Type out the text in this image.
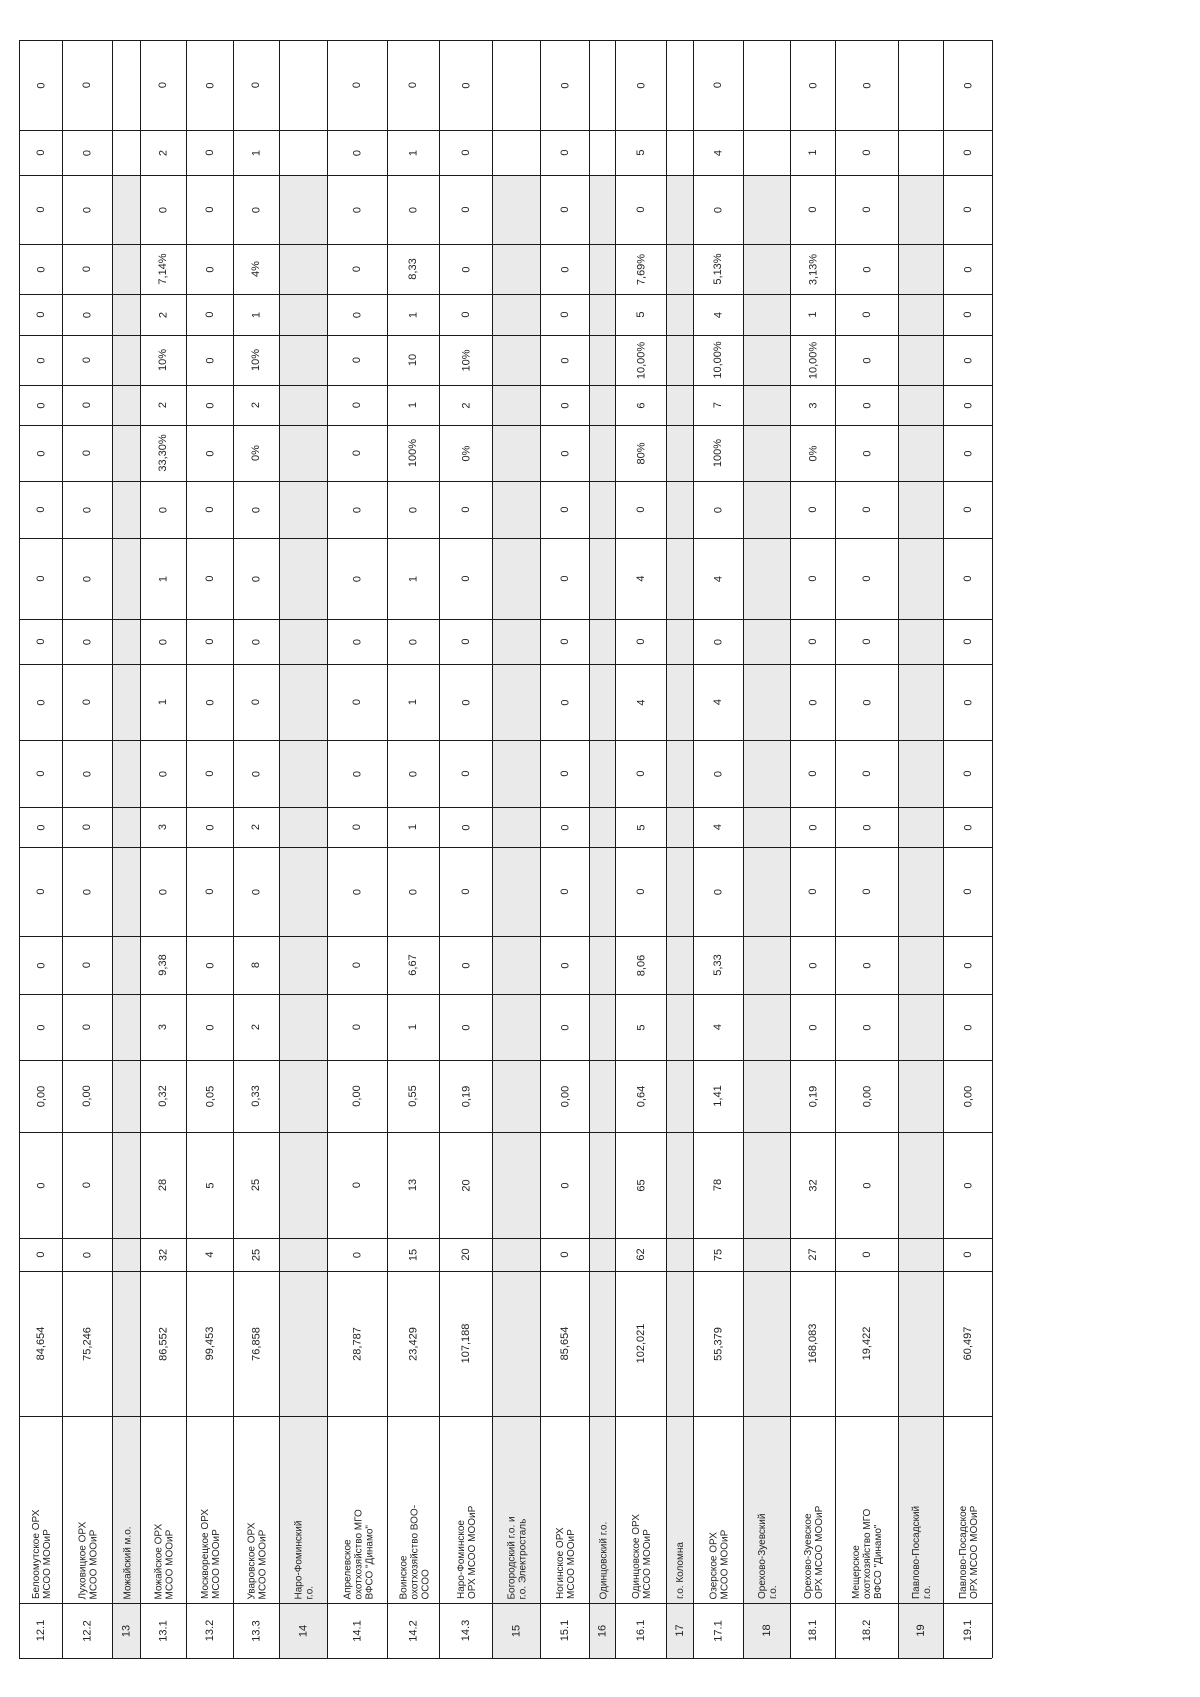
12.1
Белоомутское ОРХ
МСОО МООиР
84,654
0
0
0,00
0
0
0
0
0
0
0
0
0
0
0
0
0
0
0
0
0
12.2
Луховицкое ОРХ
МСОО МООиР
75,246
0
0
0,00
0
0
0
0
0
0
0
0
0
0
0
0
0
0
0
0
0
13
Можайский м.о.
13.1
Можайское ОРХ
МСОО МООиР
86,552
32
28
0,32
3
9,38
0
3
0
1
0
1
0
33,30%
2
10%
2
7,14%
0
2
0
13.2
Москворецкое ОРХ
МСОО МООиР
99,453
4
5
0,05
0
0
0
0
0
0
0
0
0
0
0
0
0
0
0
0
0
13.3
Уваровское ОРХ
МСОО МООиР
76,858
25
25
0,33
2
8
0
2
0
0
0
0
0
0%
2
10%
1
4%
0
1
0
14
Наро-Фоминский
г.о.
14.1
Апрелевское
охотхозяйство МГО
ВФСО "Динамо"
28,787
0
0
0,00
0
0
0
0
0
0
0
0
0
0
0
0
0
0
0
0
0
14.2
Воинское
охотхозяйство ВОО-
ОСОО
23,429
15
13
0,55
1
6,67
0
1
0
1
0
1
0
100%
1
10
1
8,33
0
1
0
14.3
Наро-Фоминское
ОРХ МСОО МООиР
107,188
20
20
0,19
0
0
0
0
0
0
0
0
0
0%
2
10%
0
0
0
0
0
15
Богородский г.о. и
г.о. Электросталь
15.1
Ногинское ОРХ
МСОО МООиР
85,654
0
0
0,00
0
0
0
0
0
0
0
0
0
0
0
0
0
0
0
0
0
16
Одинцовский г.о.
16.1
Одинцовское ОРХ
МСОО МООиР
102,021
62
65
0,64
5
8,06
0
5
0
4
0
4
0
80%
6
10,00%
5
7,69%
0
5
0
17
г.о. Коломна
17.1
Озерское ОРХ
МСОО МООиР
55,379
75
78
1,41
4
5,33
0
4
0
4
0
4
0
100%
7
10,00%
4
5,13%
0
4
0
18
Орехово-Зуевский
г.о.
18.1
Орехово-Зуевское
ОРХ МСОО МООиР
168,083
27
32
0,19
0
0
0
0
0
0
0
0
0
0%
3
10,00%
1
3,13%
0
1
0
18.2
Мещерское
охотхозяйство МГО
ВФСО "Динамо"
19,422
0
0
0,00
0
0
0
0
0
0
0
0
0
0
0
0
0
0
0
0
0
19
Павлово-Посадский
г.о.
19.1
Павлово-Посадское
ОРХ МСОО МООиР
60,497
0
0
0,00
0
0
0
0
0
0
0
0
0
0
0
0
0
0
0
0
0
